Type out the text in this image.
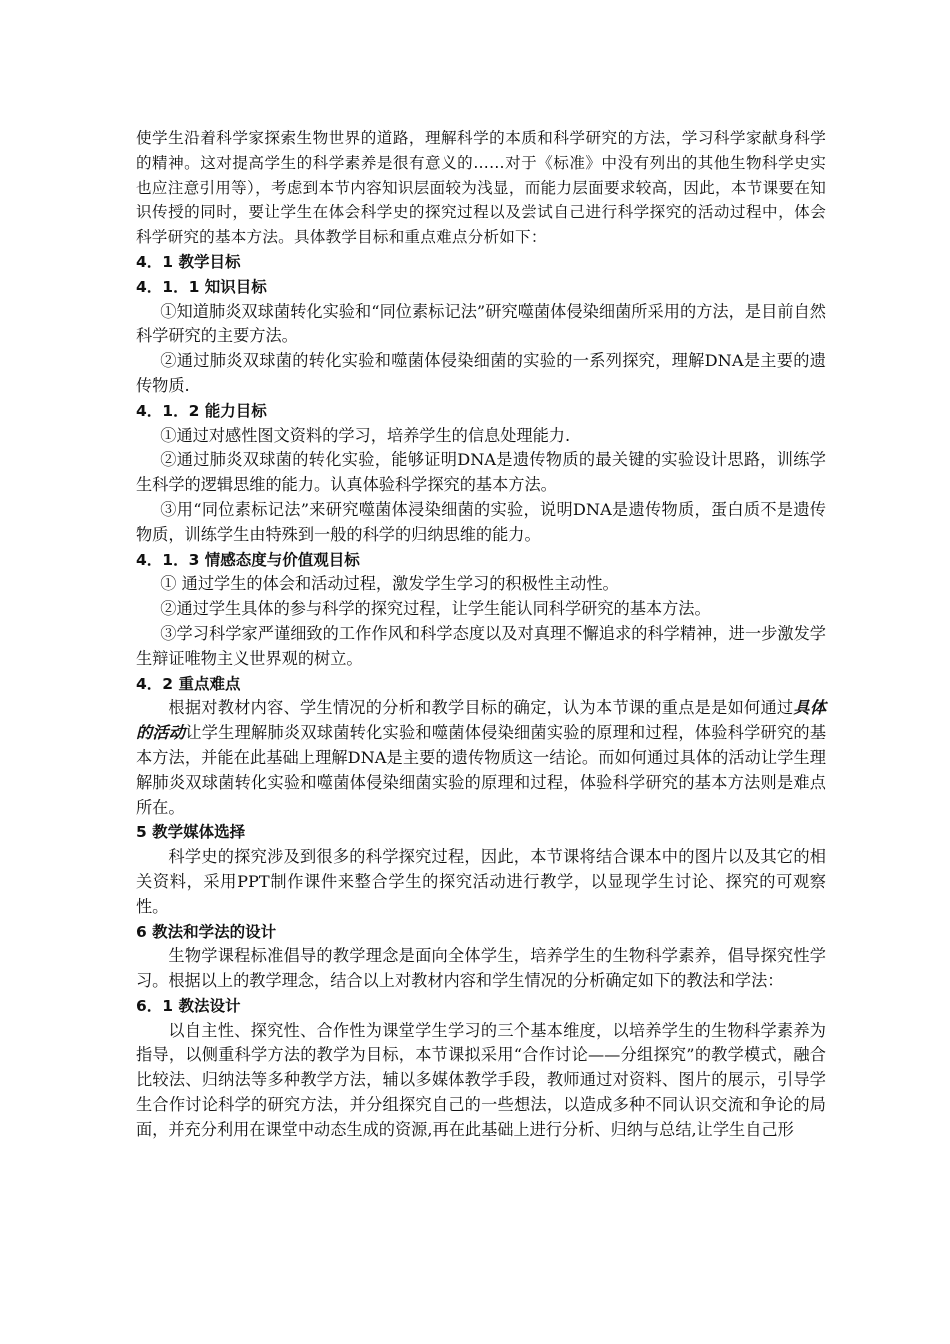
使学生沿着科学家探索生物世界的道路，理解科学的本质和科学研究的方法，学习科学家献身科学的精神。这对提高学生的科学素养是很有意义的……对于《标准》中没有列出的其他生物科学史实也应注意引用等），考虑到本节内容知识层面较为浅显，而能力层面要求较高，因此，本节课要在知识传授的同时，要让学生在体会科学史的探究过程以及尝试自己进行科学探究的活动过程中，体会科学研究的基本方法。具体教学目标和重点难点分析如下：

4．1 教学目标

4．1．1 知识目标

①知道肺炎双球菌转化实验和“同位素标记法”研究噬菌体侵染细菌所采用的方法，是目前自然科学研究的主要方法。

②通过肺炎双球菌的转化实验和噬菌体侵染细菌的实验的一系列探究，理解DNA是主要的遗传物质.

4．1．2 能力目标

①通过对感性图文资料的学习，培养学生的信息处理能力.

②通过肺炎双球菌的转化实验，能够证明DNA是遗传物质的最关键的实验设计思路，训练学生科学的逻辑思维的能力。认真体验科学探究的基本方法。

③用“同位素标记法”来研究噬菌体浸染细菌的实验，说明DNA是遗传物质，蛋白质不是遗传物质，训练学生由特殊到一般的科学的归纳思维的能力。

4．1．3 情感态度与价值观目标

① 通过学生的体会和活动过程，激发学生学习的积极性主动性。

②通过学生具体的参与科学的探究过程，让学生能认同科学研究的基本方法。

③学习科学家严谨细致的工作作风和科学态度以及对真理不懈追求的科学精神，进一步激发学生辩证唯物主义世界观的树立。

4．2 重点难点

根据对教材内容、学生情况的分析和教学目标的确定，认为本节课的重点是是如何通过具体的活动让学生理解肺炎双球菌转化实验和噬菌体侵染细菌实验的原理和过程，体验科学研究的基本方法，并能在此基础上理解DNA是主要的遗传物质这一结论。而如何通过具体的活动让学生理解肺炎双球菌转化实验和噬菌体侵染细菌实验的原理和过程，体验科学研究的基本方法则是难点所在。

5 教学媒体选择

科学史的探究涉及到很多的科学探究过程，因此，本节课将结合课本中的图片以及其它的相关资料，采用PPT制作课件来整合学生的探究活动进行教学，以显现学生讨论、探究的可观察性。

6 教法和学法的设计

生物学课程标准倡导的教学理念是面向全体学生，培养学生的生物科学素养，倡导探究性学习。根据以上的教学理念，结合以上对教材内容和学生情况的分析确定如下的教法和学法：

6．1 教法设计

以自主性、探究性、合作性为课堂学生学习的三个基本维度，以培养学生的生物科学素养为指导，以侧重科学方法的教学为目标，本节课拟采用“合作讨论——分组探究”的教学模式，融合比较法、归纳法等多种教学方法，辅以多媒体教学手段，教师通过对资料、图片的展示，引导学生合作讨论科学的研究方法，并分组探究自己的一些想法，以造成多种不同认识交流和争论的局面，并充分利用在课堂中动态生成的资源,再在此基础上进行分析、归纳与总结,让学生自己形
